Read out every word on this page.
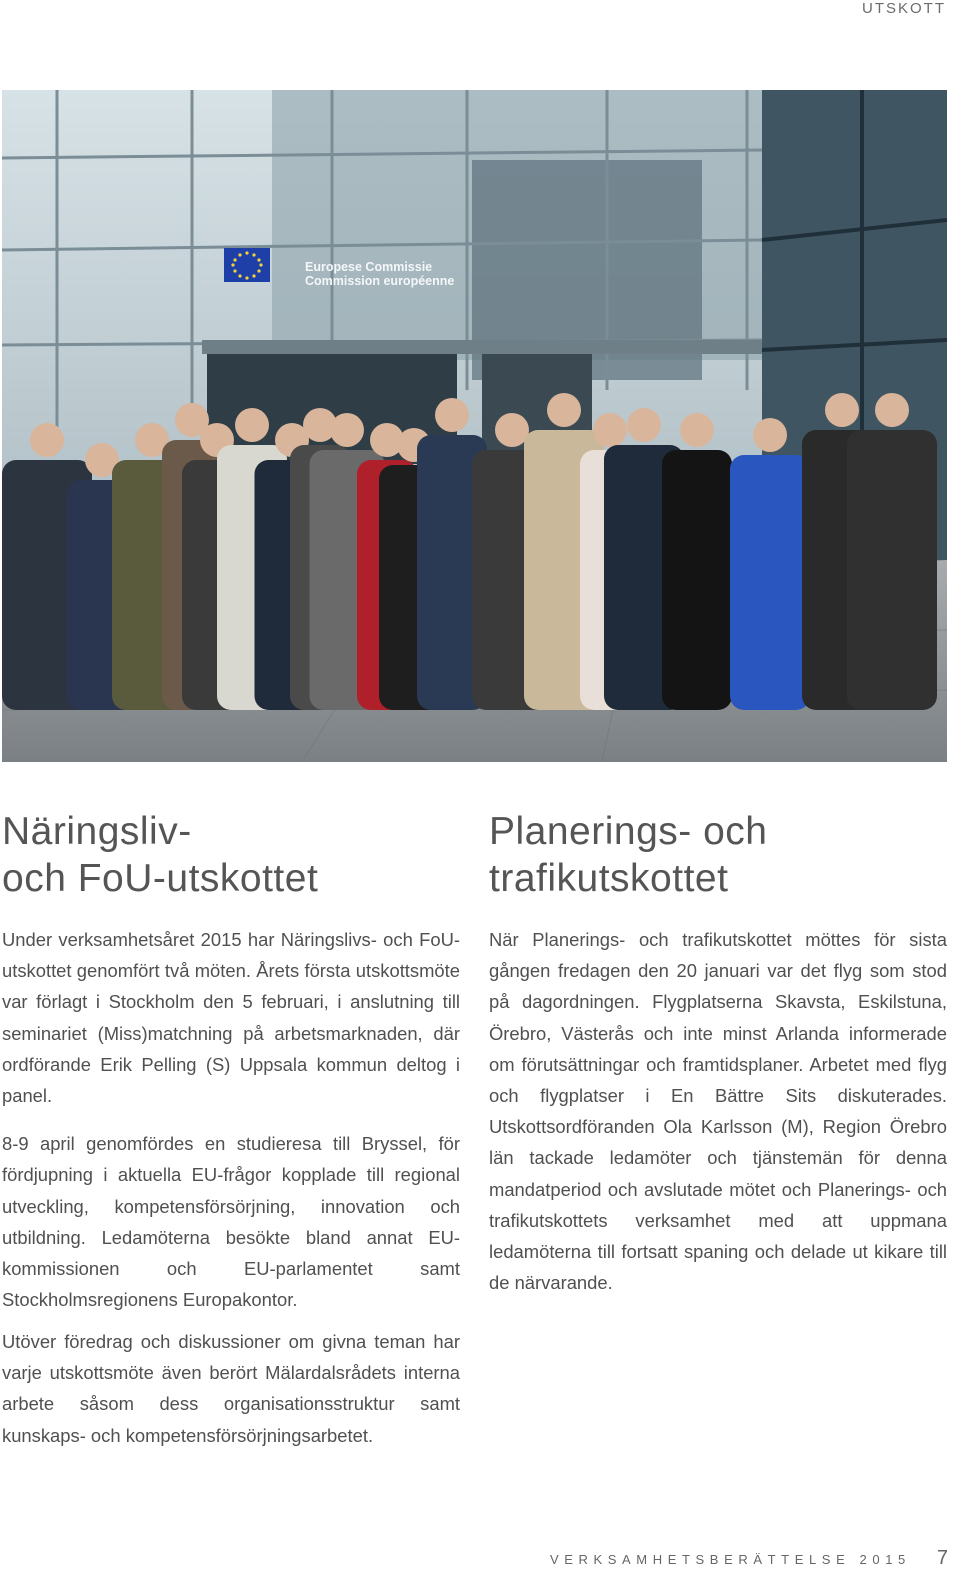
UTSKOTT
Europese Commissie
Commission européenne
Näringsliv-
och FoU-utskottet

Under verksamhetsåret 2015 har Näringslivs- och FoU-utskottet genomfört två möten. Årets första utskottsmöte var förlagt i Stockholm den 5 februari, i anslutning till seminariet (Miss)matchning på arbetsmarknaden, där ordförande Erik Pelling (S) Uppsala kommun deltog i panel.

8-9 april genomfördes en studieresa till Bryssel, för fördjupning i aktuella EU-frågor kopplade till regional utveckling, kompetensförsörjning, innovation och utbildning. Ledamöterna besökte bland annat EU-kommissionen och EU-parlamentet samt Stockholmsregionens Europakontor.

Utöver föredrag och diskussioner om givna teman har varje utskottsmöte även berört Mälardalsrådets interna arbete såsom dess organisationsstruktur samt kunskaps- och kompetensförsörjningsarbetet.

Planerings- och
trafikutskottet

När Planerings- och trafikutskottet möttes för sista gången fredagen den 20 januari var det flyg som stod på dagordningen. Flygplatserna Skavsta, Eskilstuna, Örebro, Västerås och inte minst Arlanda informerade om förutsättningar och framtidsplaner. Arbetet med flyg och flygplatser i En Bättre Sits diskuterades. Utskottsordföranden Ola Karlsson (M), Region Örebro län tackade ledamöter och tjänstemän för denna mandatperiod och avslutade mötet och Planerings- och trafikutskottets verksamhet med att uppmana ledamöterna till fortsatt spaning och delade ut kikare till de närvarande.

VERKSAMHETSBERÄTTELSE 2015 7
